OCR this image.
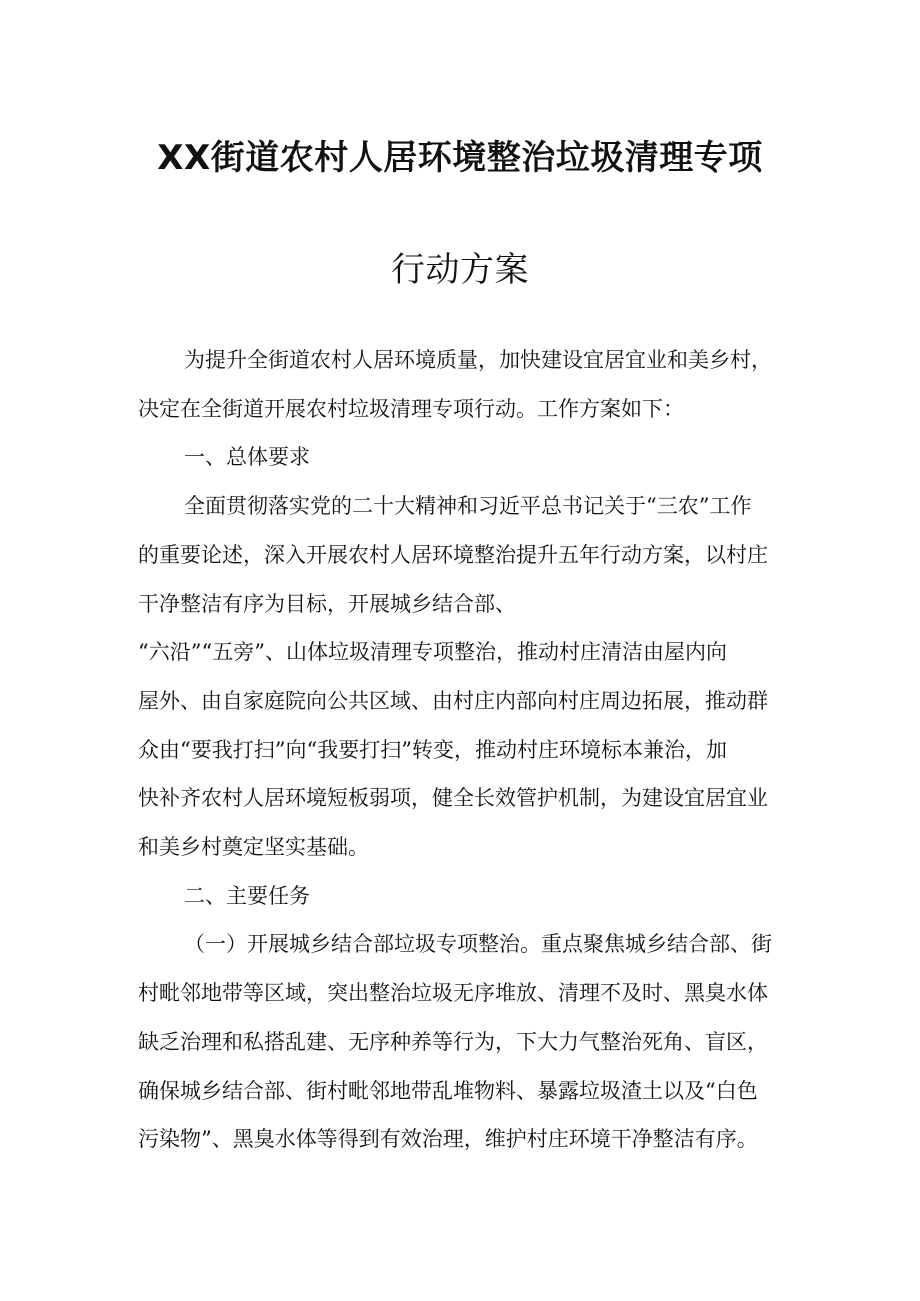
XX街道农村人居环境整治垃圾清理专项
行动方案

为提升全街道农村人居环境质量，加快建设宜居宜业和美乡村，
决定在全街道开展农村垃圾清理专项行动。工作方案如下：

一、总体要求

全面贯彻落实党的二十大精神和习近平总书记关于“三农”工作
的重要论述，深入开展农村人居环境整治提升五年行动方案，以村庄
干净整洁有序为目标，开展城乡结合部、
“六沿”“五旁”、山体垃圾清理专项整治，推动村庄清洁由屋内向
屋外、由自家庭院向公共区域、由村庄内部向村庄周边拓展，推动群
众由“要我打扫”向“我要打扫”转变，推动村庄环境标本兼治，加
快补齐农村人居环境短板弱项，健全长效管护机制，为建设宜居宜业
和美乡村奠定坚实基础。

二、主要任务

（一）开展城乡结合部垃圾专项整治。重点聚焦城乡结合部、街
村毗邻地带等区域，突出整治垃圾无序堆放、清理不及时、黑臭水体
缺乏治理和私搭乱建、无序种养等行为，下大力气整治死角、盲区，
确保城乡结合部、街村毗邻地带乱堆物料、暴露垃圾渣土以及“白色
污染物”、黑臭水体等得到有效治理，维护村庄环境干净整洁有序。
